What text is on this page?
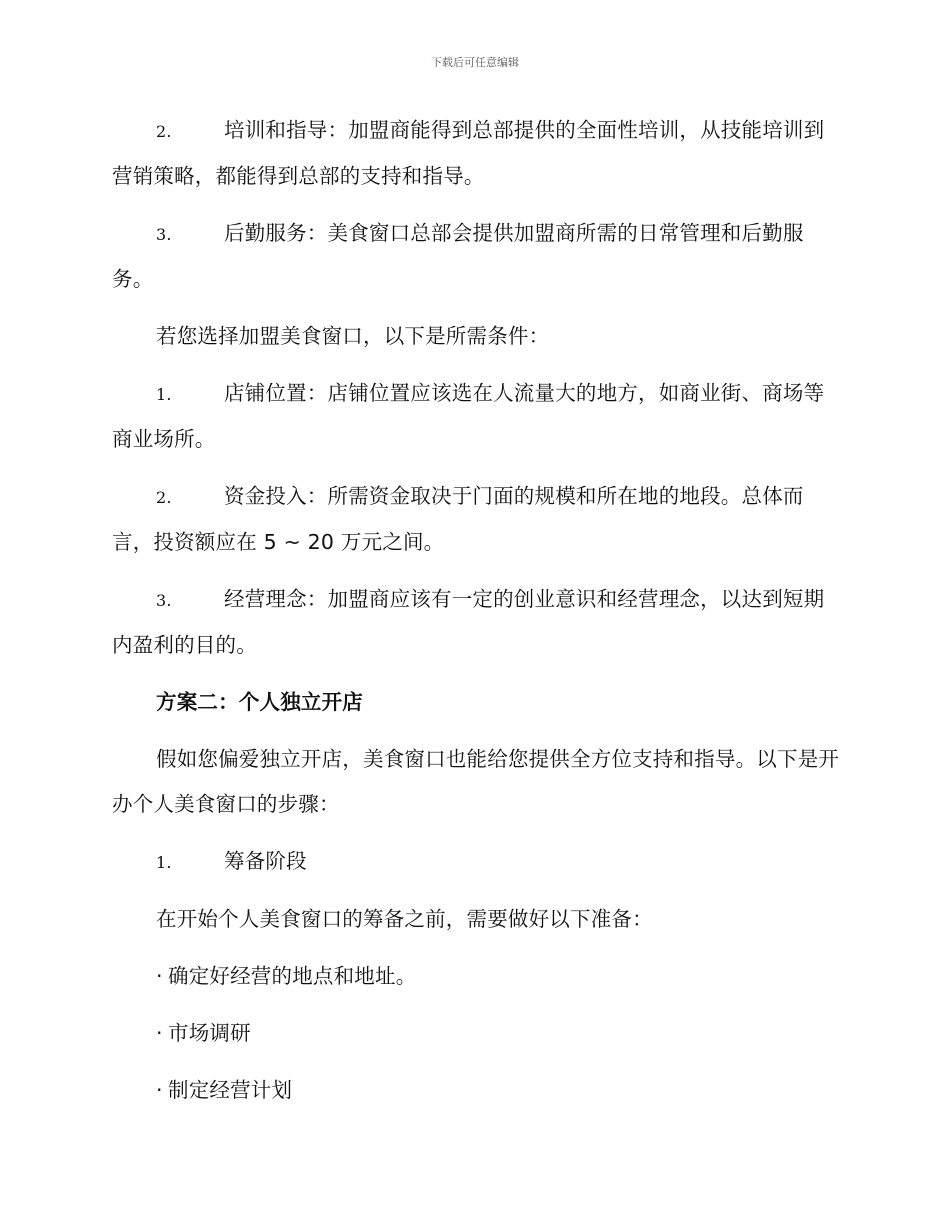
下载后可任意编辑

2.	培训和指导：加盟商能得到总部提供的全面性培训，从技能培训到营销策略，都能得到总部的支持和指导。

3.	后勤服务：美食窗口总部会提供加盟商所需的日常管理和后勤服务。

若您选择加盟美食窗口，以下是所需条件：

1.	店铺位置：店铺位置应该选在人流量大的地方，如商业街、商场等商业场所。

2.	资金投入：所需资金取决于门面的规模和所在地的地段。总体而言，投资额应在 5 ~ 20 万元之间。

3.	经营理念：加盟商应该有一定的创业意识和经营理念，以达到短期内盈利的目的。

方案二：个人独立开店

假如您偏爱独立开店，美食窗口也能给您提供全方位支持和指导。以下是开办个人美食窗口的步骤：

1.	筹备阶段

在开始个人美食窗口的筹备之前，需要做好以下准备：

· 确定好经营的地点和地址。

· 市场调研

· 制定经营计划
